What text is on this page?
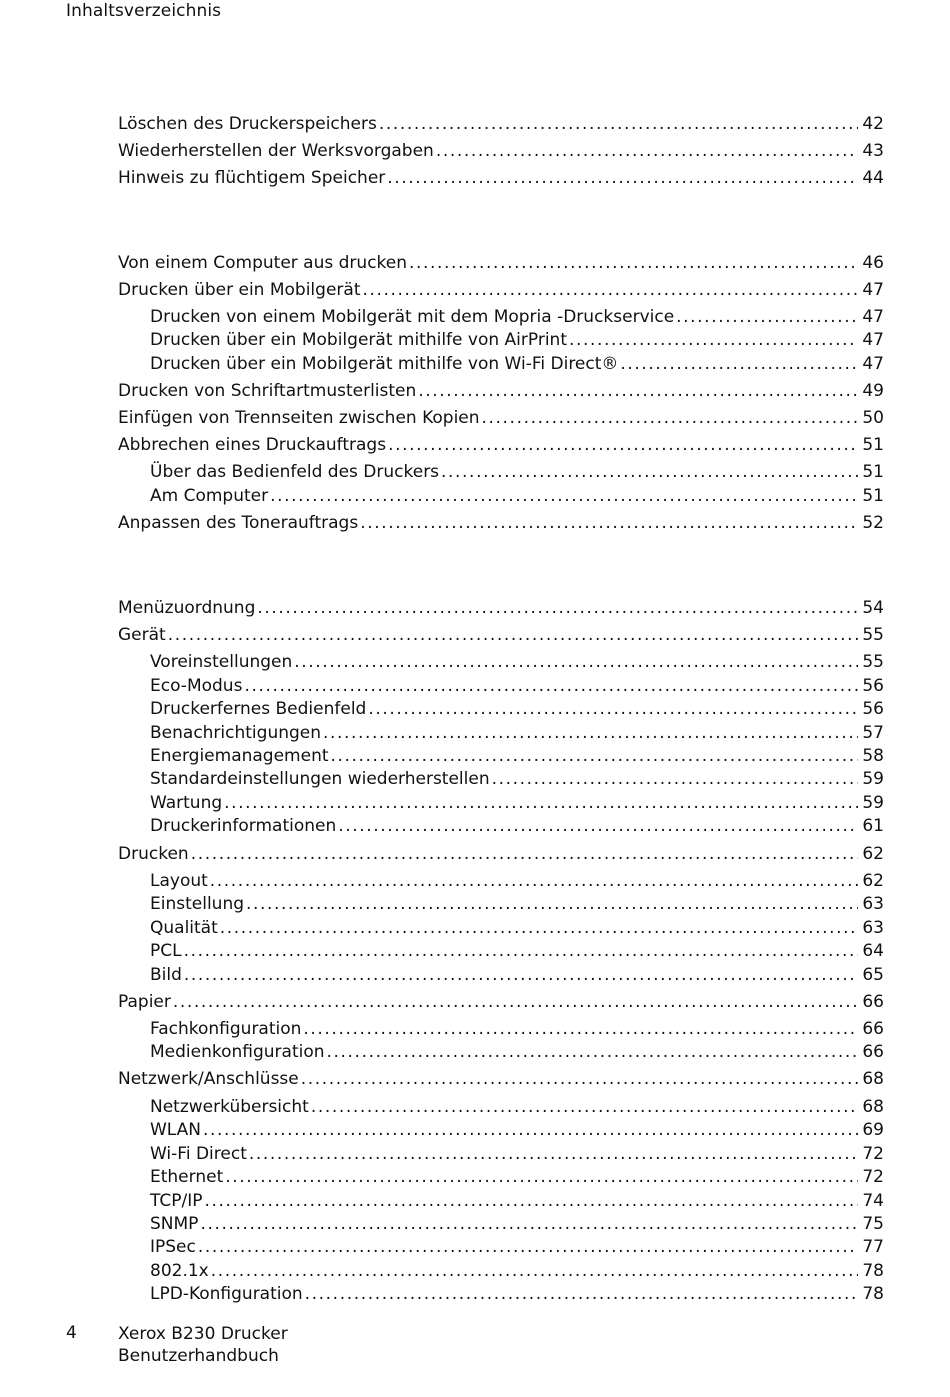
Inhaltsverzeichnis
Löschen des Druckerspeichers .....	42
Wiederherstellen der Werksvorgaben .....	43
Hinweis zu flüchtigem Speicher .....	44
Von einem Computer aus drucken .....	46
Drucken über ein Mobilgerät .....	47
Drucken von einem Mobilgerät mit dem Mopria -Druckservice .....	47
Drucken über ein Mobilgerät mithilfe von AirPrint .....	47
Drucken über ein Mobilgerät mithilfe von Wi-Fi Direct® .....	47
Drucken von Schriftartmusterlisten .....	49
Einfügen von Trennseiten zwischen Kopien .....	50
Abbrechen eines Druckauftrags .....	51
Über das Bedienfeld des Druckers .....	51
Am Computer .....	51
Anpassen des Tonerauftrags .....	52
Menüzuordnung .....	54
Gerät .....	55
Voreinstellungen .....	55
Eco-Modus .....	56
Druckerfernes Bedienfeld .....	56
Benachrichtigungen .....	57
Energiemanagement .....	58
Standardeinstellungen wiederherstellen .....	59
Wartung .....	59
Druckerinformationen .....	61
Drucken .....	62
Layout .....	62
Einstellung .....	63
Qualität .....	63
PCL .....	64
Bild .....	65
Papier .....	66
Fachkonfiguration .....	66
Medienkonfiguration .....	66
Netzwerk/Anschlüsse .....	68
Netzwerkübersicht .....	68
WLAN .....	69
Wi-Fi Direct .....	72
Ethernet .....	72
TCP/IP .....	74
SNMP .....	75
IPSec .....	77
802.1x .....	78
LPD-Konfiguration .....	78
4 Xerox B230 Drucker
Benutzerhandbuch
